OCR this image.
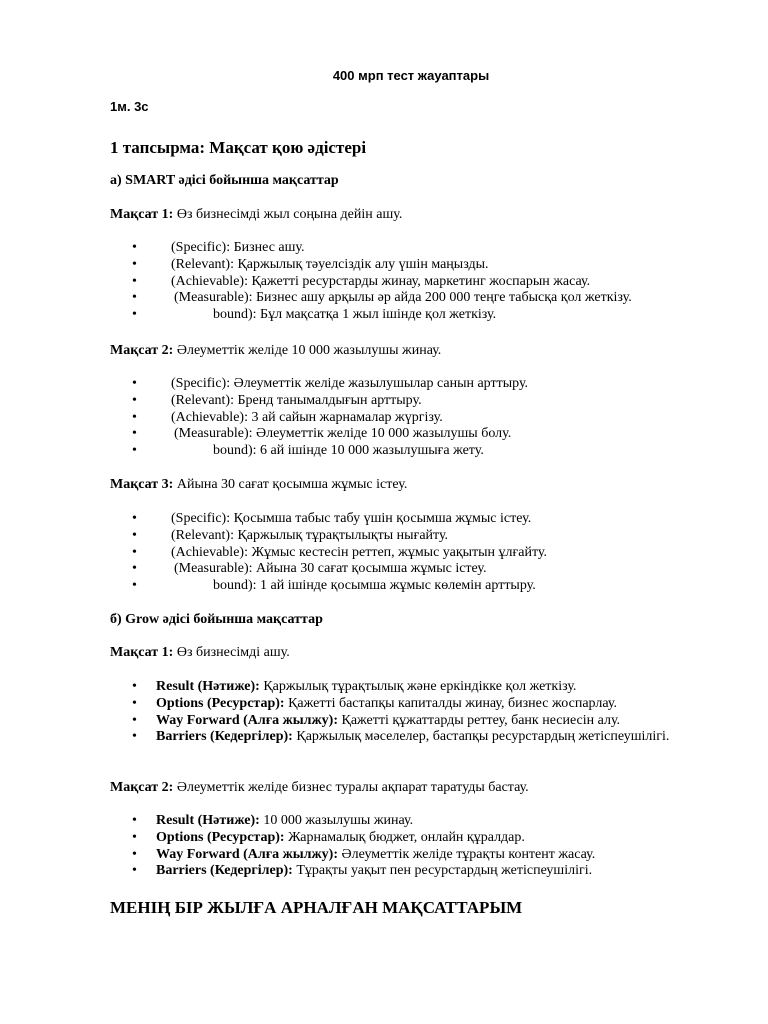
400 мрп тест жауаптары
1м. 3с
1 тапсырма: Мақсат қою әдістері
а) SMART әдісі бойынша мақсаттар
Мақсат 1: Өз бизнесімді жыл соңына дейін ашу.
• (Specific): Бизнес ашу.
• (Relevant): Қаржылық тәуелсіздік алу үшін маңызды.
• (Achievable): Қажетті ресурстарды жинау, маркетинг жоспарын жасау.
•	(Measurable): Бизнес ашу арқылы әр айда 200 000 теңге табысқа қол жеткізу.
•	bound): Бұл мақсатқа 1 жыл ішінде қол жеткізу.
Мақсат 2: Әлеуметтік желіде 10 000 жазылушы жинау.
• (Specific): Әлеуметтік желіде жазылушылар санын арттыру.
• (Relevant): Бренд танымалдығын арттыру.
• (Achievable): 3 ай сайын жарнамалар жүргізу.
•	(Measurable): Әлеуметтік желіде 10 000 жазылушы болу.
•	bound): 6 ай ішінде 10 000 жазылушыға жету.
Мақсат 3: Айына 30 сағат қосымша жұмыс істеу.
• (Specific): Қосымша табыс табу үшін қосымша жұмыс істеу.
• (Relevant): Қаржылық тұрақтылықты нығайту.
• (Achievable): Жұмыс кестесін реттеп, жұмыс уақытын ұлғайту.
•	(Measurable): Айына 30 сағат қосымша жұмыс істеу.
•	bound): 1 ай ішінде қосымша жұмыс көлемін арттыру.
б) Grow әдісі бойынша мақсаттар
Мақсат 1: Өз бизнесімді ашу.
• Result (Нәтиже): Қаржылық тұрақтылық және еркіндікке қол жеткізу.
• Options (Ресурстар): Қажетті бастапқы капиталды жинау, бизнес жоспарлау.
• Way Forward (Алға жылжу): Қажетті құжаттарды реттеу, банк несиесін алу.
• Barriers (Кедергілер): Қаржылық мәселелер, бастапқы ресурстардың жетіспеушілігі.
Мақсат 2: Әлеуметтік желіде бизнес туралы ақпарат таратуды бастау.
• Result (Нәтиже): 10 000 жазылушы жинау.
• Options (Ресурстар): Жарнамалық бюджет, онлайн құралдар.
• Way Forward (Алға жылжу): Әлеуметтік желіде тұрақты контент жасау.
• Barriers (Кедергілер): Тұрақты уақыт пен ресурстардың жетіспеушілігі.
МЕНІҢ БІР ЖЫЛҒА АРНАЛҒАН МАҚСАТТАРЫМ
